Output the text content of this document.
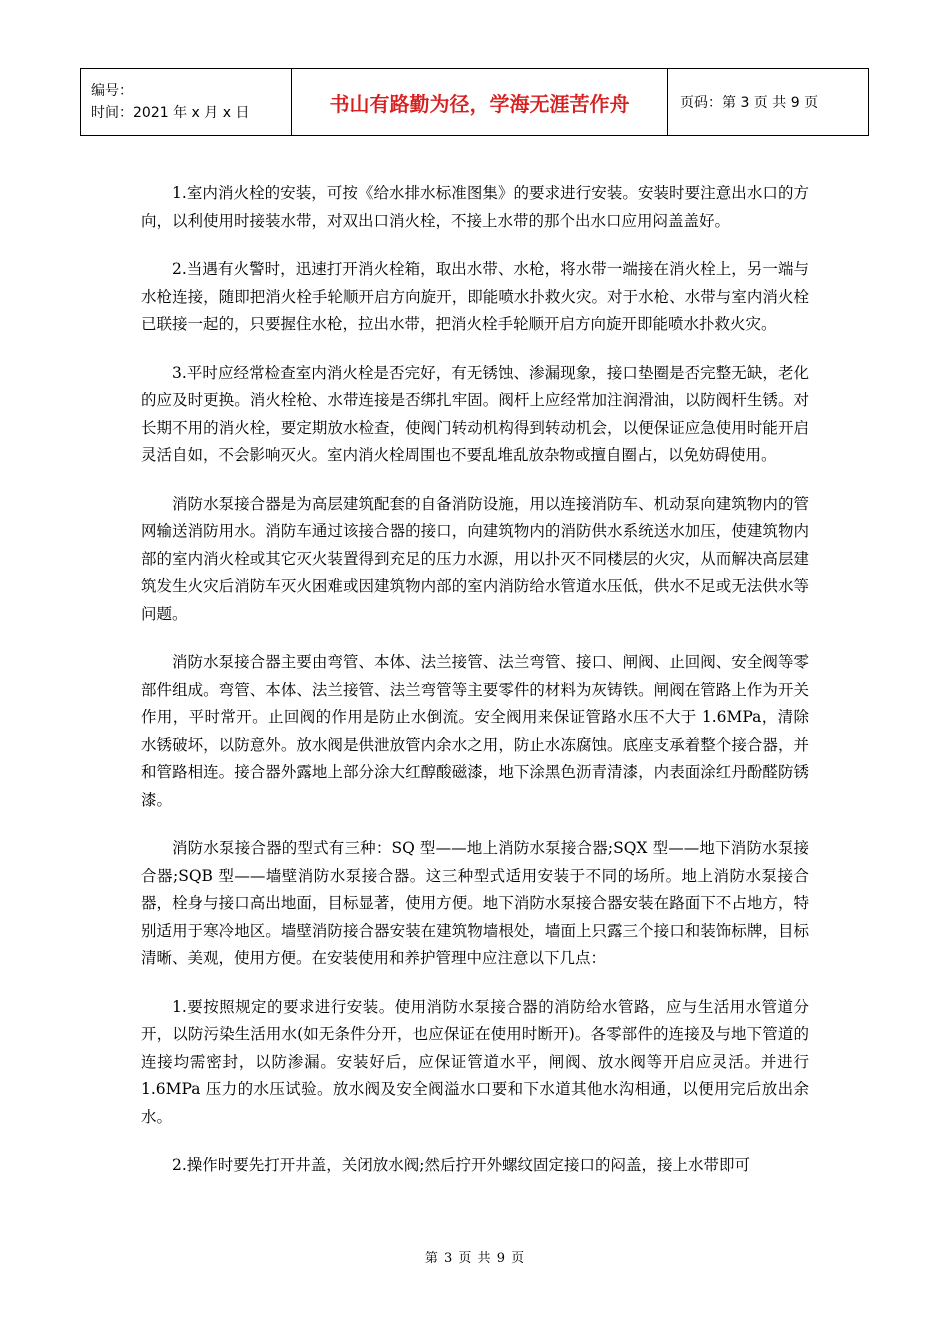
编号：
时间：2021 年 x 月 x 日	书山有路勤为径，学海无涯苦作舟	页码：第 3 页 共 9 页

1.室内消火栓的安装，可按《给水排水标准图集》的要求进行安装。安装时要注意出水口的方向，以利使用时接装水带，对双出口消火栓，不接上水带的那个出水口应用闷盖盖好。

2.当遇有火警时，迅速打开消火栓箱，取出水带、水枪，将水带一端接在消火栓上，另一端与水枪连接，随即把消火栓手轮顺开启方向旋开，即能喷水扑救火灾。对于水枪、水带与室内消火栓已联接一起的，只要握住水枪，拉出水带，把消火栓手轮顺开启方向旋开即能喷水扑救火灾。

3.平时应经常检查室内消火栓是否完好，有无锈蚀、渗漏现象，接口垫圈是否完整无缺，老化的应及时更换。消火栓枪、水带连接是否绑扎牢固。阀杆上应经常加注润滑油，以防阀杆生锈。对长期不用的消火栓，要定期放水检查，使阀门转动机构得到转动机会，以便保证应急使用时能开启灵活自如，不会影响灭火。室内消火栓周围也不要乱堆乱放杂物或擅自圈占，以免妨碍使用。

消防水泵接合器是为高层建筑配套的自备消防设施，用以连接消防车、机动泵向建筑物内的管网输送消防用水。消防车通过该接合器的接口，向建筑物内的消防供水系统送水加压，使建筑物内部的室内消火栓或其它灭火装置得到充足的压力水源，用以扑灭不同楼层的火灾，从而解决高层建筑发生火灾后消防车灭火困难或因建筑物内部的室内消防给水管道水压低，供水不足或无法供水等问题。

消防水泵接合器主要由弯管、本体、法兰接管、法兰弯管、接口、闸阀、止回阀、安全阀等零部件组成。弯管、本体、法兰接管、法兰弯管等主要零件的材料为灰铸铁。闸阀在管路上作为开关作用，平时常开。止回阀的作用是防止水倒流。安全阀用来保证管路水压不大于 1.6MPa，清除水锈破坏，以防意外。放水阀是供泄放管内余水之用，防止水冻腐蚀。底座支承着整个接合器，并和管路相连。接合器外露地上部分涂大红醇酸磁漆，地下涂黑色沥青清漆，内表面涂红丹酚醛防锈漆。

消防水泵接合器的型式有三种：SQ 型——地上消防水泵接合器;SQX 型——地下消防水泵接合器;SQB 型——墙壁消防水泵接合器。这三种型式适用安装于不同的场所。地上消防水泵接合器，栓身与接口高出地面，目标显著，使用方便。地下消防水泵接合器安装在路面下不占地方，特别适用于寒冷地区。墙壁消防接合器安装在建筑物墙根处，墙面上只露三个接口和装饰标牌，目标清晰、美观，使用方便。在安装使用和养护管理中应注意以下几点：

1.要按照规定的要求进行安装。使用消防水泵接合器的消防给水管路，应与生活用水管道分开，以防污染生活用水(如无条件分开，也应保证在使用时断开)。各零部件的连接及与地下管道的连接均需密封，以防渗漏。安装好后，应保证管道水平，闸阀、放水阀等开启应灵活。并进行 1.6MPa 压力的水压试验。放水阀及安全阀溢水口要和下水道其他水沟相通，以便用完后放出余水。

2.操作时要先打开井盖，关闭放水阀;然后拧开外螺纹固定接口的闷盖，接上水带即可

第 3 页 共 9 页
